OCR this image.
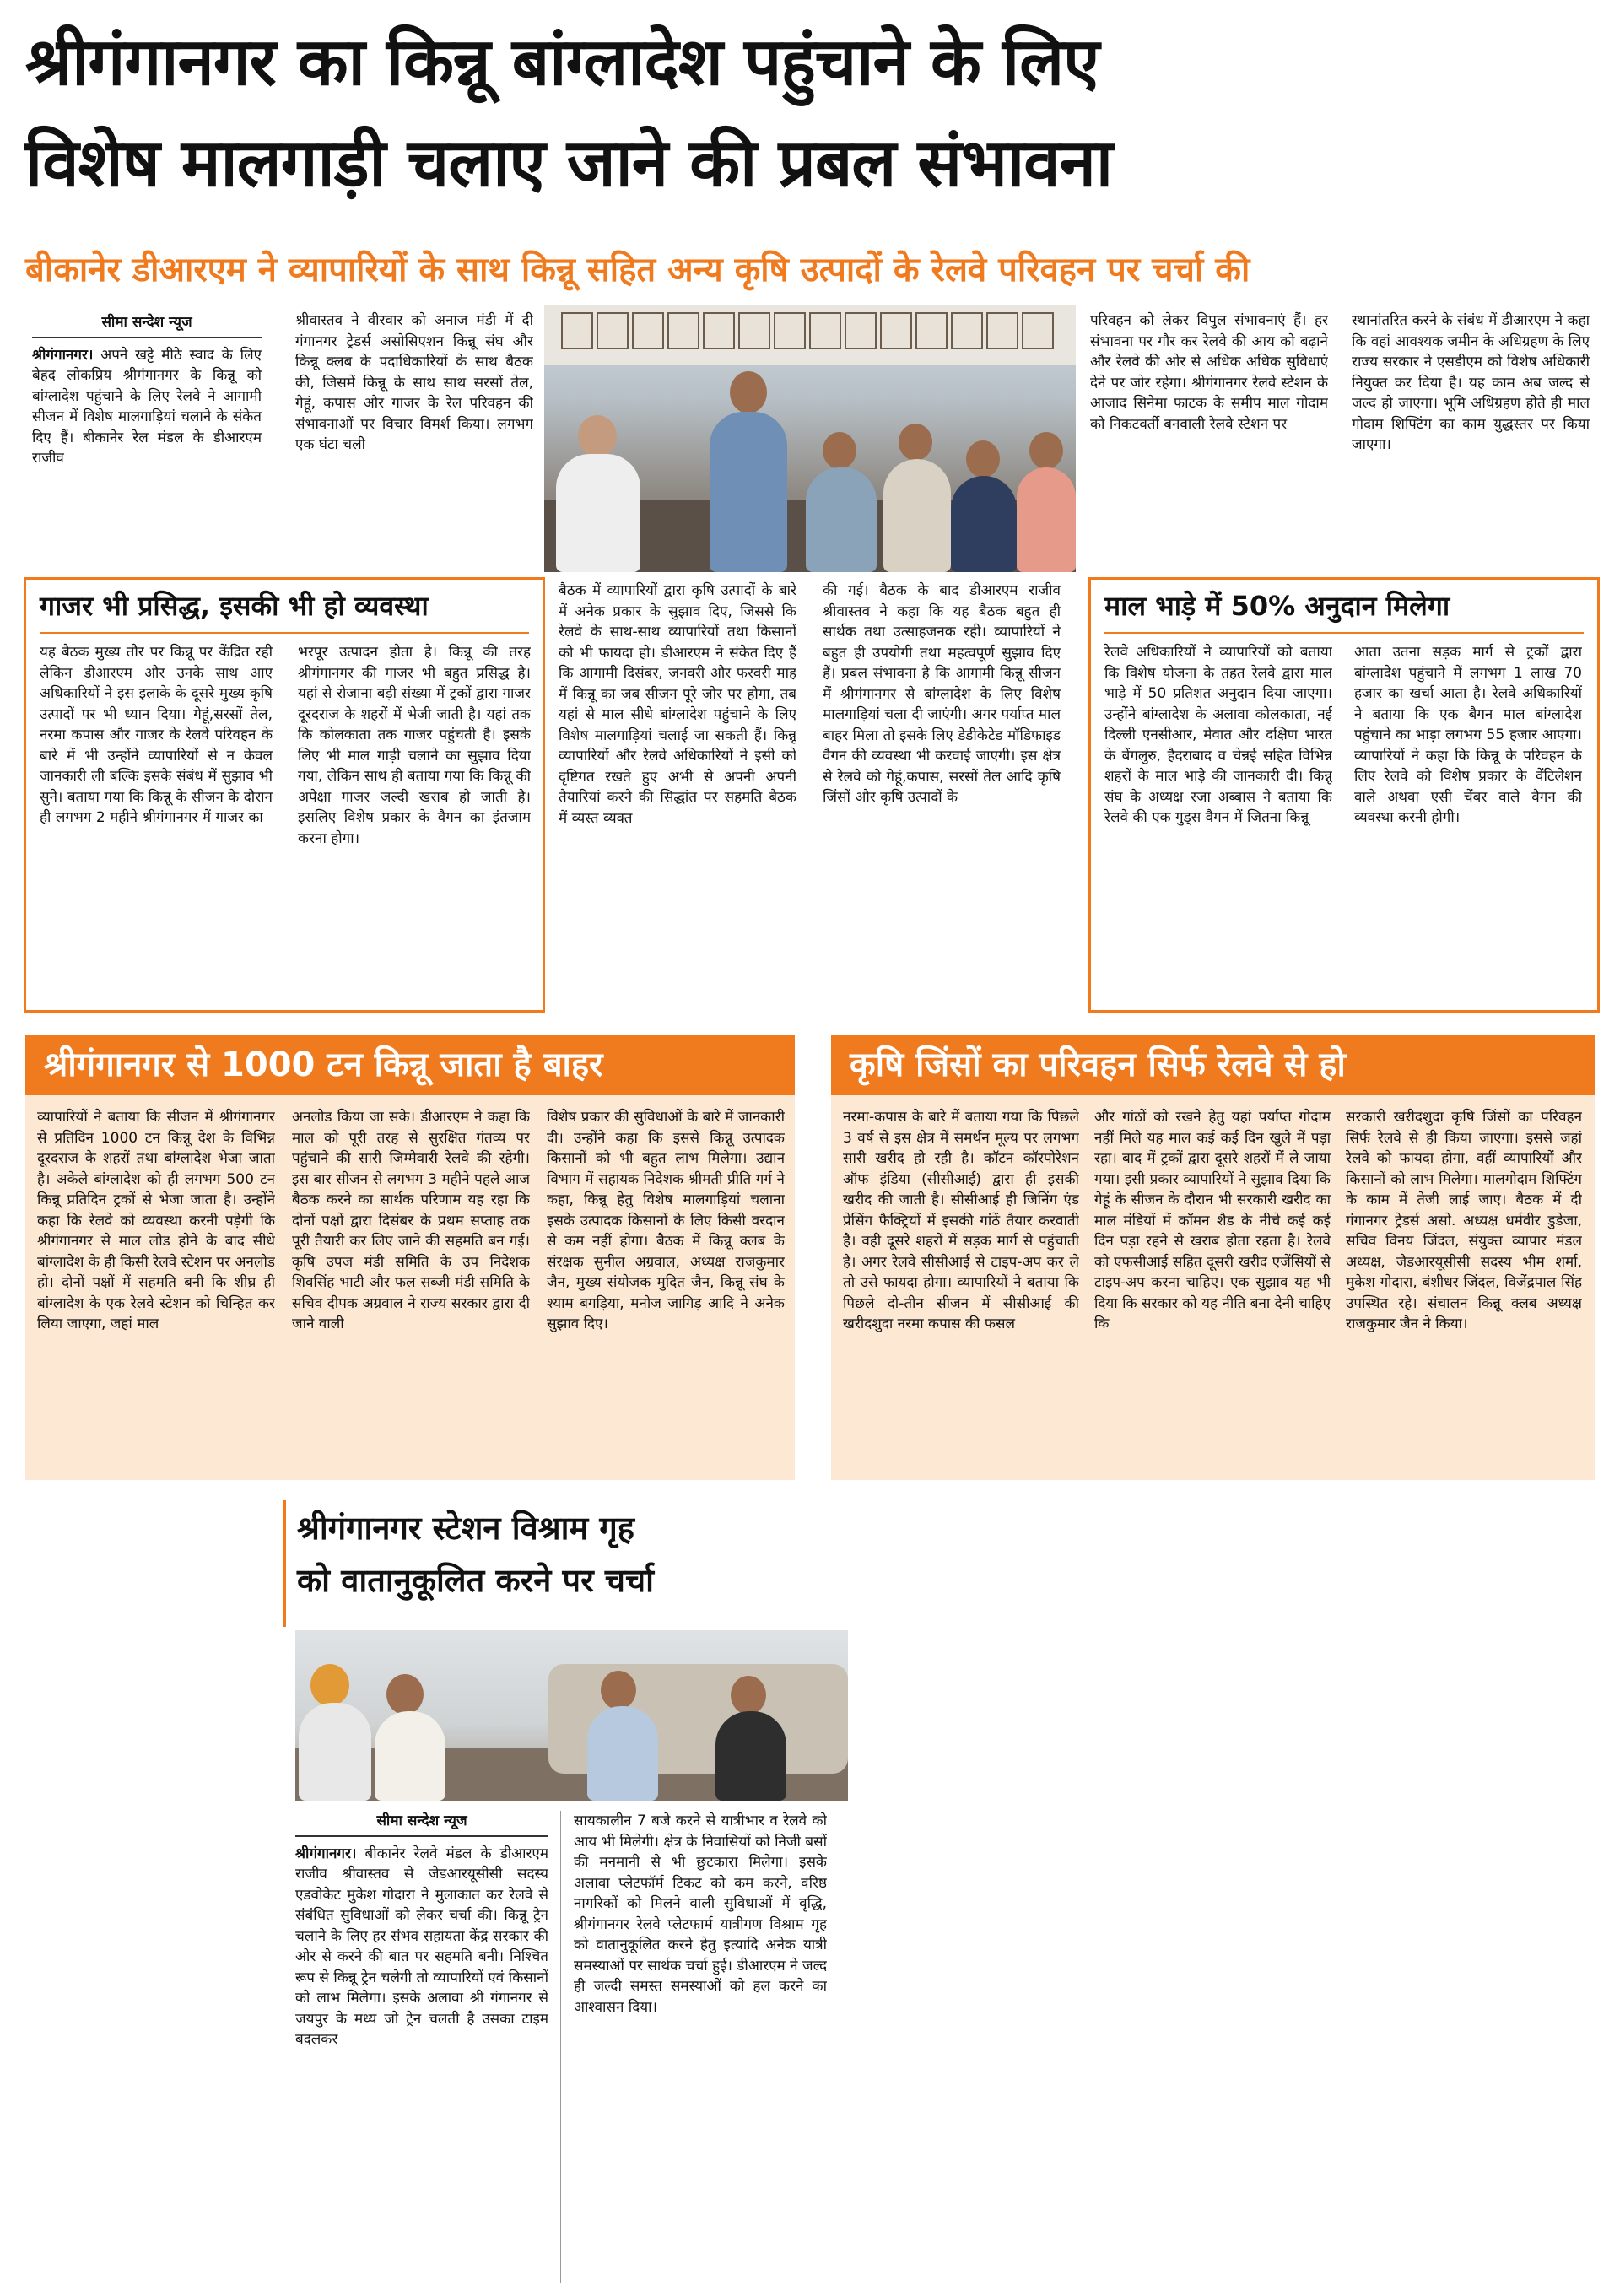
श्रीगंगानगर का किन्नू बांग्लादेश पहुंचाने के लिए
विशेष मालगाड़ी चलाए जाने की प्रबल संभावना
बीकानेर डीआरएम ने व्यापारियों के साथ किन्नू सहित अन्य कृषि उत्पादों के रेलवे परिवहन पर चर्चा की
सीमा सन्देश न्यूज

श्रीगंगानगर। अपने खट्टे मीठे स्वाद के लिए बेहद लोकप्रिय श्रीगंगानगर के किन्नू को बांग्लादेश पहुंचाने के लिए रेलवे ने आगामी सीजन में विशेष मालगाड़ियां चलाने के संकेत दिए हैं। बीकानेर रेल मंडल के डीआरएम राजीव

श्रीवास्तव ने वीरवार को अनाज मंडी में दी गंगानगर ट्रेडर्स असोसिएशन किन्नू संघ और किन्नू क्लब के पदाधिकारियों के साथ बैठक की, जिसमें किन्नू के साथ साथ सरसों तेल, गेहूं, कपास और गाजर के रेल परिवहन की संभावनाओं पर विचार विमर्श किया। लगभग एक घंटा चली

परिवहन को लेकर विपुल संभावनाएं हैं। हर संभावना पर गौर कर रेलवे की आय को बढ़ाने और रेलवे की ओर से अधिक अधिक सुविधाएं देने पर जोर रहेगा। श्रीगंगानगर रेलवे स्टेशन के आजाद सिनेमा फाटक के समीप माल गोदाम को निकटवर्ती बनवाली रेलवे स्टेशन पर

स्थानांतरित करने के संबंध में डीआरएम ने कहा कि वहां आवश्यक जमीन के अधिग्रहण के लिए राज्य सरकार ने एसडीएम को विशेष अधिकारी नियुक्त कर दिया है। यह काम अब जल्द से जल्द हो जाएगा। भूमि अधिग्रहण होते ही माल गोदाम शिफ्टिंग का काम युद्धस्तर पर किया जाएगा।

गाजर भी प्रसिद्ध, इसकी भी हो व्यवस्था

यह बैठक मुख्य तौर पर किन्नू पर केंद्रित रही लेकिन डीआरएम और उनके साथ आए अधिकारियों ने इस इलाके के दूसरे मुख्य कृषि उत्पादों पर भी ध्यान दिया। गेहूं,सरसों तेल, नरमा कपास और गाजर के रेलवे परिवहन के बारे में भी उन्होंने व्यापारियों से न केवल जानकारी ली बल्कि इसके संबंध में सुझाव भी सुने। बताया गया कि किन्नू के सीजन के दौरान ही लगभग 2 महीने श्रीगंगानगर में गाजर का

भरपूर उत्पादन होता है। किन्नू की तरह श्रीगंगानगर की गाजर भी बहुत प्रसिद्ध है। यहां से रोजाना बड़ी संख्या में ट्रकों द्वारा गाजर दूरदराज के शहरों में भेजी जाती है। यहां तक कि कोलकाता तक गाजर पहुंचती है। इसके लिए भी माल गाड़ी चलाने का सुझाव दिया गया, लेकिन साथ ही बताया गया कि किन्नू की अपेक्षा गाजर जल्दी खराब हो जाती है। इसलिए विशेष प्रकार के वैगन का इंतजाम करना होगा।

बैठक में व्यापारियों द्वारा कृषि उत्पादों के बारे में अनेक प्रकार के सुझाव दिए, जिससे कि रेलवे के साथ-साथ व्यापारियों तथा किसानों को भी फायदा हो। डीआरएम ने संकेत दिए हैं कि आगामी दिसंबर, जनवरी और फरवरी माह में किन्नू का जब सीजन पूरे जोर पर होगा, तब यहां से माल सीधे बांग्लादेश पहुंचाने के लिए विशेष मालगाड़ियां चलाई जा सकती हैं। किन्नू व्यापारियों और रेलवे अधिकारियों ने इसी को दृष्टिगत रखते हुए अभी से अपनी अपनी तैयारियां करने की सिद्धांत पर सहमति बैठक में व्यस्त व्यक्त

की गई। बैठक के बाद डीआरएम राजीव श्रीवास्तव ने कहा कि यह बैठक बहुत ही सार्थक तथा उत्साहजनक रही। व्यापारियों ने बहुत ही उपयोगी तथा महत्वपूर्ण सुझाव दिए हैं। प्रबल संभावना है कि आगामी किन्नू सीजन में श्रीगंगानगर से बांग्लादेश के लिए विशेष मालगाड़ियां चला दी जाएंगी। अगर पर्याप्त माल बाहर मिला तो इसके लिए डेडीकेटेड मॉडिफाइड वैगन की व्यवस्था भी करवाई जाएगी। इस क्षेत्र से रेलवे को गेहूं,कपास, सरसों तेल आदि कृषि जिंसों और कृषि उत्पादों के

माल भाड़े में 50% अनुदान मिलेगा

रेलवे अधिकारियों ने व्यापारियों को बताया कि विशेष योजना के तहत रेलवे द्वारा माल भाड़े में 50 प्रतिशत अनुदान दिया जाएगा। उन्होंने बांग्लादेश के अलावा कोलकाता, नई दिल्ली एनसीआर, मेवात और दक्षिण भारत के बेंगलुरु, हैदराबाद व चेन्नई सहित विभिन्न शहरों के माल भाड़े की जानकारी दी। किन्नू संघ के अध्यक्ष रजा अब्बास ने बताया कि रेलवे की एक गुड्स वैगन में जितना किन्नू

आता उतना सड़क मार्ग से ट्रकों द्वारा बांग्लादेश पहुंचाने में लगभग 1 लाख 70 हजार का खर्चा आता है। रेलवे अधिकारियों ने बताया कि एक बैगन माल बांग्लादेश पहुंचाने का भाड़ा लगभग 55 हजार आएगा। व्यापारियों ने कहा कि किन्नू के परिवहन के लिए रेलवे को विशेष प्रकार के वेंटिलेशन वाले अथवा एसी चेंबर वाले वैगन की व्यवस्था करनी होगी।

श्रीगंगानगर से 1000 टन किन्नू जाता है बाहर

व्यापारियों ने बताया कि सीजन में श्रीगंगानगर से प्रतिदिन 1000 टन किन्नू देश के विभिन्न दूरदराज के शहरों तथा बांग्लादेश भेजा जाता है। अकेले बांग्लादेश को ही लगभग 500 टन किन्नू प्रतिदिन ट्रकों से भेजा जाता है। उन्होंने कहा कि रेलवे को व्यवस्था करनी पड़ेगी कि श्रीगंगानगर से माल लोड होने के बाद सीधे बांग्लादेश के ही किसी रेलवे स्टेशन पर अनलोड हो। दोनों पक्षों में सहमति बनी कि शीघ्र ही बांग्लादेश के एक रेलवे स्टेशन को चिन्हित कर लिया जाएगा, जहां माल

अनलोड किया जा सके। डीआरएम ने कहा कि माल को पूरी तरह से सुरक्षित गंतव्य पर पहुंचाने की सारी जिम्मेवारी रेलवे की रहेगी। इस बार सीजन से लगभग 3 महीने पहले आज बैठक करने का सार्थक परिणाम यह रहा कि दोनों पक्षों द्वारा दिसंबर के प्रथम सप्ताह तक पूरी तैयारी कर लिए जाने की सहमति बन गई। कृषि उपज मंडी समिति के उप निदेशक शिवसिंह भाटी और फल सब्जी मंडी समिति के सचिव दीपक अग्रवाल ने राज्य सरकार द्वारा दी जाने वाली

विशेष प्रकार की सुविधाओं के बारे में जानकारी दी। उन्होंने कहा कि इससे किन्नू उत्पादक किसानों को भी बहुत लाभ मिलेगा। उद्यान विभाग में सहायक निदेशक श्रीमती प्रीति गर्ग ने कहा, किन्नू हेतु विशेष मालगाड़ियां चलाना इसके उत्पादक किसानों के लिए किसी वरदान से कम नहीं होगा। बैठक में किन्नू क्लब के संरक्षक सुनील अग्रवाल, अध्यक्ष राजकुमार जैन, मुख्य संयोजक मुदित जैन, किन्नू संघ के श्याम बगड़िया, मनोज जागिड़ आदि ने अनेक सुझाव दिए।

कृषि जिंसों का परिवहन सिर्फ रेलवे से हो

नरमा-कपास के बारे में बताया गया कि पिछले 3 वर्ष से इस क्षेत्र में समर्थन मूल्य पर लगभग सारी खरीद हो रही है। कॉटन कॉरपोरेशन ऑफ इंडिया (सीसीआई) द्वारा ही इसकी खरीद की जाती है। सीसीआई ही जिनिंग एंड प्रेसिंग फैक्ट्रियों में इसकी गांठें तैयार करवाती है। वही दूसरे शहरों में सड़क मार्ग से पहुंचाती है। अगर रेलवे सीसीआई से टाइप-अप कर ले तो उसे फायदा होगा। व्यापारियों ने बताया कि पिछले दो-तीन सीजन में सीसीआई की खरीदशुदा नरमा कपास की फसल

और गांठों को रखने हेतु यहां पर्याप्त गोदाम नहीं मिले यह माल कई कई दिन खुले में पड़ा रहा। बाद में ट्रकों द्वारा दूसरे शहरों में ले जाया गया। इसी प्रकार व्यापारियों ने सुझाव दिया कि गेहूं के सीजन के दौरान भी सरकारी खरीद का माल मंडियों में कॉमन शैड के नीचे कई कई दिन पड़ा रहने से खराब होता रहता है। रेलवे को एफसीआई सहित दूसरी खरीद एजेंसियों से टाइप-अप करना चाहिए। एक सुझाव यह भी दिया कि सरकार को यह नीति बना देनी चाहिए कि

सरकारी खरीदशुदा कृषि जिंसों का परिवहन सिर्फ रेलवे से ही किया जाएगा। इससे जहां रेलवे को फायदा होगा, वहीं व्यापारियों और किसानों को लाभ मिलेगा। मालगोदाम शिफ्टिंग के काम में तेजी लाई जाए। बैठक में दी गंगानगर ट्रेडर्स असो. अध्यक्ष धर्मवीर डुडेजा, सचिव विनय जिंदल, संयुक्त व्यापार मंडल अध्यक्ष, जैडआरयूसीसी सदस्य भीम शर्मा, मुकेश गोदारा, बंशीधर जिंदल, विजेंद्रपाल सिंह उपस्थित रहे। संचालन किन्नू क्लब अध्यक्ष राजकुमार जैन ने किया।

श्रीगंगानगर स्टेशन विश्राम गृह
को वातानुकूलित करने पर चर्चा
सीमा सन्देश न्यूज

श्रीगंगानगर। बीकानेर रेलवे मंडल के डीआरएम राजीव श्रीवास्तव से जेडआरयूसीसी सदस्य एडवोकेट मुकेश गोदारा ने मुलाकात कर रेलवे से संबंधित सुविधाओं को लेकर चर्चा की। किन्नू ट्रेन चलाने के लिए हर संभव सहायता केंद्र सरकार की ओर से करने की बात पर सहमति बनी। निश्चित रूप से किन्नू ट्रेन चलेगी तो व्यापारियों एवं किसानों को लाभ मिलेगा। इसके अलावा श्री गंगानगर से जयपुर के मध्य जो ट्रेन चलती है उसका टाइम बदलकर

सायकालीन 7 बजे करने से यात्रीभार व रेलवे को आय भी मिलेगी। क्षेत्र के निवासियों को निजी बसों की मनमानी से भी छुटकारा मिलेगा। इसके अलावा प्लेटफॉर्म टिकट को कम करने, वरिष्ठ नागरिकों को मिलने वाली सुविधाओं में वृद्धि, श्रीगंगानगर रेलवे प्लेटफार्म यात्रीगण विश्राम गृह को वातानुकूलित करने हेतु इत्यादि अनेक यात्री समस्याओं पर सार्थक चर्चा हुई। डीआरएम ने जल्द ही जल्दी समस्त समस्याओं को हल करने का आश्वासन दिया।
